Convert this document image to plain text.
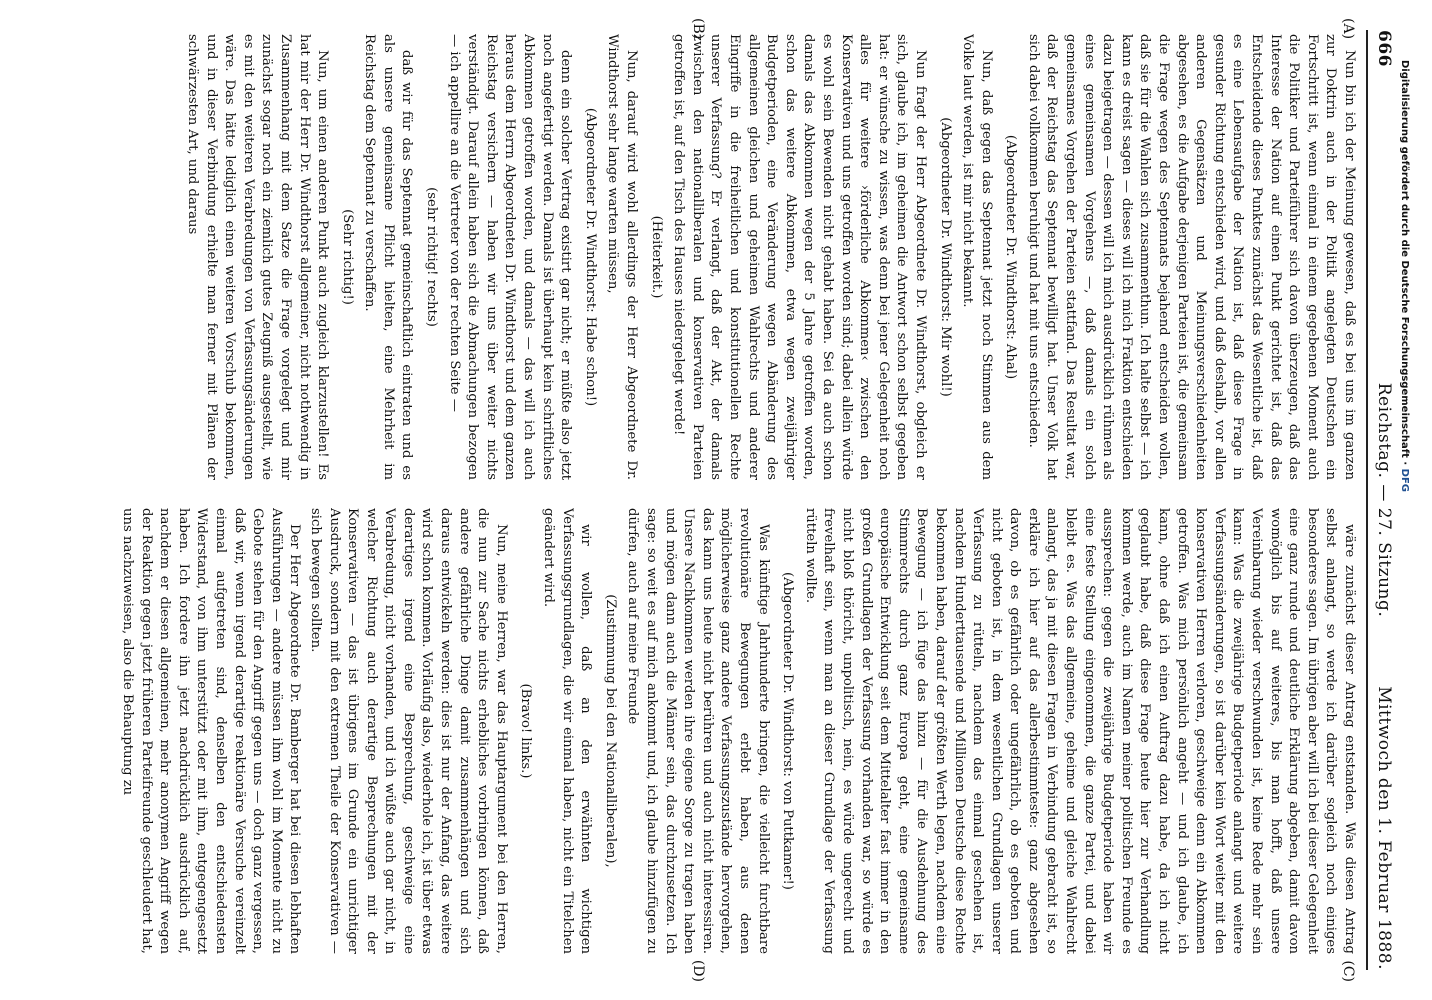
666
Reichstag. — 27. Sitzung.
Mittwoch den 1. Februar 1888.
(A)
(B)
(C)
(D)

Nun bin ich der Meinung gewesen, daß es bei uns im ganzen zur Doktrin auch in der Politik angelegten Deutschen ein Fortschritt ist, wenn einmal in einem gegebenen Moment auch die Politiker und Parteiführer sich davon überzeugen, daß das Interesse der Nation auf einen Punkt gerichtet ist, daß das Entscheidende dieses Punktes zunächst das Wesentliche ist, daß es eine Lebensaufgabe der Nation ist, daß diese Frage in gesunder Richtung entschieden wird, und daß deshalb, vor allen anderen Gegensätzen und Meinungsverschiedenheiten abgesehen, es die Aufgabe derjenigen Parteien ist, die gemeinsam die Frage wegen des Septennats bejahend entscheiden wollen, daß sie für die Wahlen sich zusammenthun. Ich halte selbst — ich kann es dreist sagen — dieses will ich mich Fraktion entschieden dazu beigetragen — dessen will ich mich ausdrücklich rühmen als eines gemeinsamen Vorgehens —, daß damals ein solch gemeinsames Vorgehen der Parteien stattfand. Das Resultat war, daß der Reichstag das Septennat bewilligt hat. Unser Volk hat sich dabei vollkommen beruhigt und hat mit uns entschieden.

(Abgeordneter Dr. Windthorst: Ahal)

Nun, daß gegen das Septennat jetzt noch Stimmen aus dem Volke laut werden, ist mir nicht bekannt.

(Abgeordneter Dr. Windthorst: Mir wohl!)

Nun fragt der Herr Abgeordnete Dr. Windthorst, obgleich er sich, glaube ich, im geheimen die Antwort schon selbst gegeben hat: er wünsche zu wissen, was denn bei jener Gelegenheit noch alles für weitere ›förderliche Abkommen‹ zwischen den Konservativen und uns getroffen worden sind; dabei allein würde es wohl sein Bewenden nicht gehabt haben. Sei da auch schon damals das Abkommen wegen der 5 Jahre getroffen worden, schon das weitere Abkommen, etwa wegen zweijähriger Budgetperioden, eine Veränderung wegen Abänderung des allgemeinen gleichen und geheimen Wahlrechts und anderer Eingriffe in die freiheitlichen und konstitutionellen Rechte unserer Verfassung? Er verlangt, daß der Akt, der damals zwischen den nationalliberalen und konservativen Parteien getroffen ist, auf den Tisch des Hauses niedergelegt werde!

(Heiterkeit.)

Nun, darauf wird wohl allerdings der Herr Abgeordnete Dr. Windthorst sehr lange warten müssen,

(Abgeordneter Dr. Windthorst: Habe schon!)

denn ein solcher Vertrag existirt gar nicht; er müßte also jetzt noch angefertigt werden. Damals ist überhaupt kein schriftliches Abkommen getroffen worden, und damals — das will ich auch heraus dem Herrn Abgeordneten Dr. Windthorst und dem ganzen Reichstag versichern — haben wir uns über weiter nichts verständigt. Darauf allein haben sich die Abmachungen bezogen — ich appellire an die Vertreter von der rechten Seite —

(sehr richtig! rechts)

daß wir für das Septennat gemeinschaftlich eintraten und es als unsere gemeinsame Pflicht hielten, eine Mehrheit im Reichstag dem Septennat zu verschaffen.

(Sehr richtig!)

Nun, um einen anderen Punkt auch zugleich klarzustellen! Es hat mir der Herr Dr. Windthorst allgemeiner, nicht nothwendig in Zusammenhang mit dem Satze die Frage vorgelegt und mir zunächst sogar noch ein ziemlich gutes Zeugniß ausgestellt, wie es mit den weiteren Verabredungen von Verfassungsänderungen wäre. Das hätte lediglich einen weiteren Vorschub bekommen, und in dieser Verbindung erhielte man ferner mit Plänen der schwärzesten Art, und daraus

wäre zunächst dieser Antrag entstanden. Was diesen Antrag selbst anlangt, so werde ich darüber sogleich noch einiges besonderes sagen. Im übrigen aber will ich bei dieser Gelegenheit eine ganz runde und deutliche Erklärung abgeben, damit davon womöglich bis auf weiteres, bis man hofft, daß unsere Vereinbarung wieder verschwunden ist, keine Rede mehr sein kann: Was die zweijährige Budgetperiode anlangt und weitere Verfassungsänderungen, so ist darüber kein Wort weiter mit den konservativen Herren verloren, geschweige denn ein Abkommen getroffen. Was mich persönlich angeht — und ich glaube, ich kann, ohne daß ich einen Auftrag dazu habe, da ich nicht geglaubt habe, daß diese Frage heute hier zur Verhandlung kommen werde, auch im Namen meiner politischen Freunde es aussprechen: gegen die zweijährige Budgetperiode haben wir eine feste Stellung eingenommen, die ganze Partei, und dabei bleibt es. Was das allgemeine, geheime und gleiche Wahlrecht anlangt, das ja mit diesen Fragen in Verbindung gebracht ist, so erkläre ich hier auf das allerbestimmteste: ganz abgesehen davon, ob es gefährlich oder ungefährlich, ob es geboten und nicht geboten ist, in dem wesentlichen Grundlagen unserer Verfassung zu rütteln, nachdem das einmal geschehen ist, nachdem Hunderttausende und Millionen Deutsche diese Rechte bekommen haben, darauf der größten Werth legen, nachdem eine Bewegung — ich füge das hinzu — für die Ausdehnung des Stimmrechts durch ganz Europa geht, eine gemeinsame europäische Entwicklung seit dem Mittelalter fast immer in den großen Grundlagen der Verfassung vorhanden war, so würde es nicht bloß thöricht, unpolitisch, nein, es würde ungerecht und frevelhaft sein, wenn man an dieser Grundlage der Verfassung rütteln wollte.

(Abgeordneter Dr. Windthorst: von Puttkamer!)

Was künftige Jahrhunderte bringen, die vielleicht furchtbare revolutionäre Bewegungen erlebt haben, aus denen möglicherweise ganz andere Verfassungszustände hervorgehen, das kann uns heute nicht berühren und auch nicht interessiren. Unsere Nachkommen werden ihre eigene Sorge zu tragen haben und mögen dann auch die Männer sein, das durchzusetzen. Ich sage: so weit es auf mich ankommt und, ich glaube hinzufügen zu dürfen, auch auf meine Freunde

(Zustimmung bei den Nationalliberalen),

wir wollen, daß an den erwähnten wichtigen Verfassungsgrundlagen, die wir einmal haben, nicht ein Titelchen geändert wird.

(Bravo! links.)

Nun, meine Herren, war das Hauptargument bei den Herren, die nun zur Sache nichts erhebliches vorbringen können, daß andere gefährliche Dinge damit zusammenhängen und sich daraus entwickeln werden: dies ist nur der Anfang, das weitere wird schon kommen. Vorläufig also, wiederhole ich, ist über etwas derartiges irgend eine Besprechung, geschweige eine Verabredung, nicht vorhanden, und ich wüßte auch gar nicht, in welcher Richtung auch derartige Besprechungen mit der Konservativen — das ist übrigens im Grunde ein unrichtiger Ausdruck, sondern mit den extremen Theile der Konservativen — sich bewegen sollten.

Der Herr Abgeordnete Dr. Bamberger hat bei diesen lebhaften Ausführungen — andere müssen ihm wohl im Momente nicht zu Gebote stehen für den Angriff gegen uns — doch ganz vergessen, daß wir, wenn irgend derartige reaktionäre Versuche vereinzelt einmal aufgetreten sind, denselben den entschiedensten Widerstand, von ihm unterstützt oder mit ihm, entgegengesetzt haben. Ich fordere ihn jetzt nachdrücklich ausdrücklich auf, nachdem er diesen allgemeinen, mehr anonymen Angriff wegen der Reaktion gegen jetzt früheren Parteifreunde geschleudert hat, uns nachzuweisen, also die Behauptung zu

Digitalisierung gefördert durch die Deutsche Forschungsgemeinschaft · DFG
